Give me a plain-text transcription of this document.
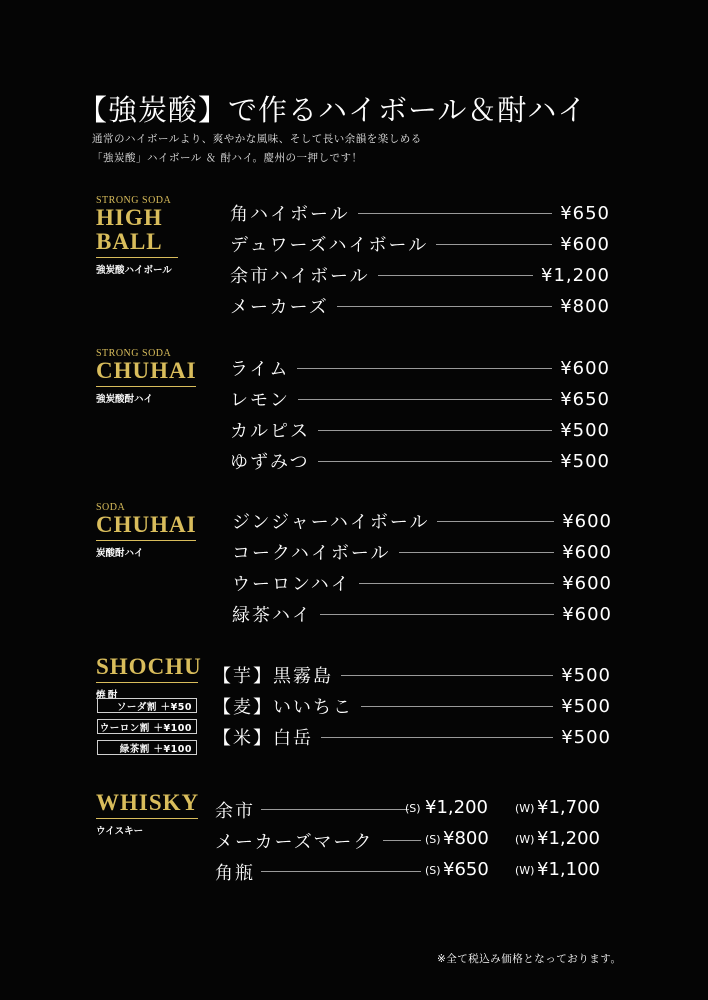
【強炭酸】で作るハイボール＆酎ハイ
通常のハイボールより、爽やかな風味、そして長い余韻を楽しめる
「強炭酸」ハイボール ＆ 酎ハイ。慶州の一押しです！
STRONG SODA
HIGH
BALL
強炭酸ハイボール
STRONG SODA
CHUHAI
強炭酸酎ハイ
SODA
CHUHAI
炭酸酎ハイ
SHOCHU
焼 酎
ソーダ割 ＋¥50
ウーロン割 ＋¥100
緑茶割 ＋¥100
WHISKY
ウイスキー
角ハイボール	¥650
デュワーズハイボール	¥600
余市ハイボール	¥1,200
メーカーズ	¥800
ライム	¥600
レモン	¥650
カルピス	¥500
ゆずみつ	¥500
ジンジャーハイボール	¥600
コークハイボール	¥600
ウーロンハイ	¥600
緑茶ハイ	¥600
【芋】黒霧島	¥500
【麦】いいちこ	¥500
【米】白岳	¥500
余市	(S) ¥1,200 (W) ¥1,700
メーカーズマーク	(S) ¥800 (W) ¥1,200
角瓶	(S) ¥650 (W) ¥1,100
※全て税込み価格となっております。
